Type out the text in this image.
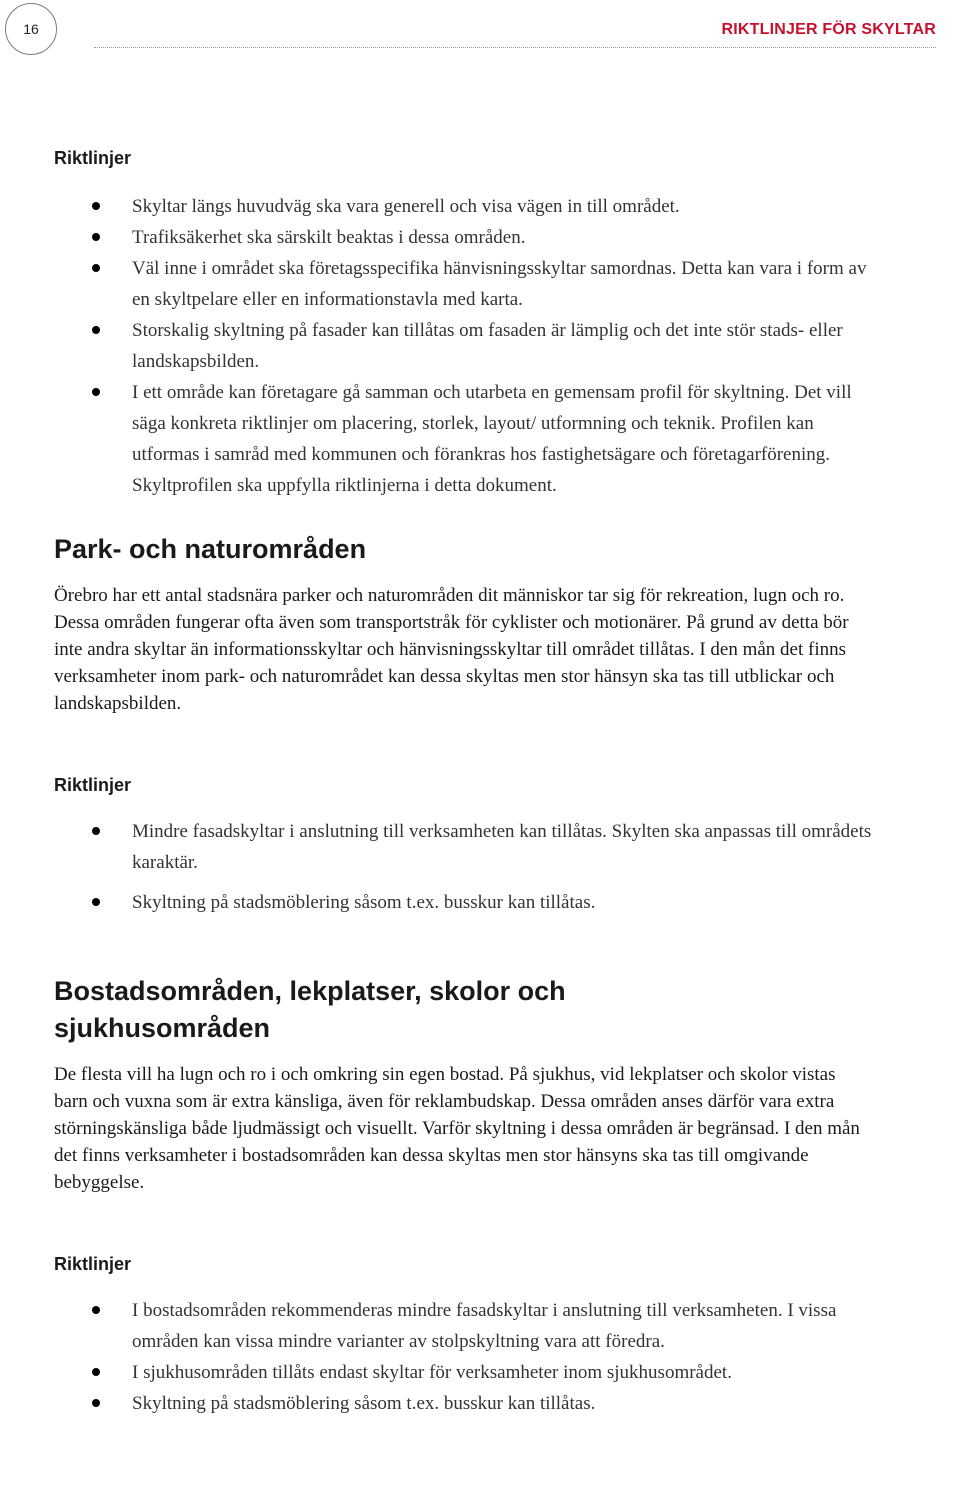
16	RIKTLINJER FÖR SKYLTAR
Riktlinjer
Skyltar längs huvudväg ska vara generell och visa vägen in till området.
Trafiksäkerhet ska särskilt beaktas i dessa områden.
Väl inne i området ska företagsspecifika hänvisningsskyltar samordnas. Detta kan vara i form av en skyltpelare eller en informationstavla med karta.
Storskalig skyltning på fasader kan tillåtas om fasaden är lämplig och det inte stör stads- eller landskapsbilden.
I ett område kan företagare gå samman och utarbeta en gemensam profil för skyltning. Det vill säga konkreta riktlinjer om placering, storlek, layout/ utformning och teknik. Profilen kan utformas i samråd med kommunen och förankras hos fastighetsägare och företagarförening. Skyltprofilen ska uppfylla riktlinjerna i detta dokument.
Park- och naturområden

Örebro har ett antal stadsnära parker och naturområden dit människor tar sig för rekreation, lugn och ro. Dessa områden fungerar ofta även som transportstråk för cyklister och motionärer. På grund av detta bör inte andra skyltar än informationsskyltar och hänvisningsskyltar till området tillåtas. I den mån det finns verksamheter inom park- och naturområdet kan dessa skyltas men stor hänsyn ska tas till utblickar och landskapsbilden.

Riktlinjer
Mindre fasadskyltar i anslutning till verksamheten kan tillåtas. Skylten ska anpassas till områdets karaktär.
Skyltning på stadsmöblering såsom t.ex. busskur kan tillåtas.
Bostadsområden, lekplatser, skolor och sjukhusområden

De flesta vill ha lugn och ro i och omkring sin egen bostad. På sjukhus, vid lekplatser och skolor vistas barn och vuxna som är extra känsliga, även för reklambudskap. Dessa områden anses därför vara extra störningskänsliga både ljudmässigt och visuellt. Varför skyltning i dessa områden är begränsad. I den mån det finns verksamheter i bostadsområden kan dessa skyltas men stor hänsyns ska tas till omgivande bebyggelse.

Riktlinjer
I bostadsområden rekommenderas mindre fasadskyltar i anslutning till verksamheten. I vissa områden kan vissa mindre varianter av stolpskyltning vara att föredra.
I sjukhusområden tillåts endast skyltar för verksamheter inom sjukhusområdet.
Skyltning på stadsmöblering såsom t.ex. busskur kan tillåtas.
